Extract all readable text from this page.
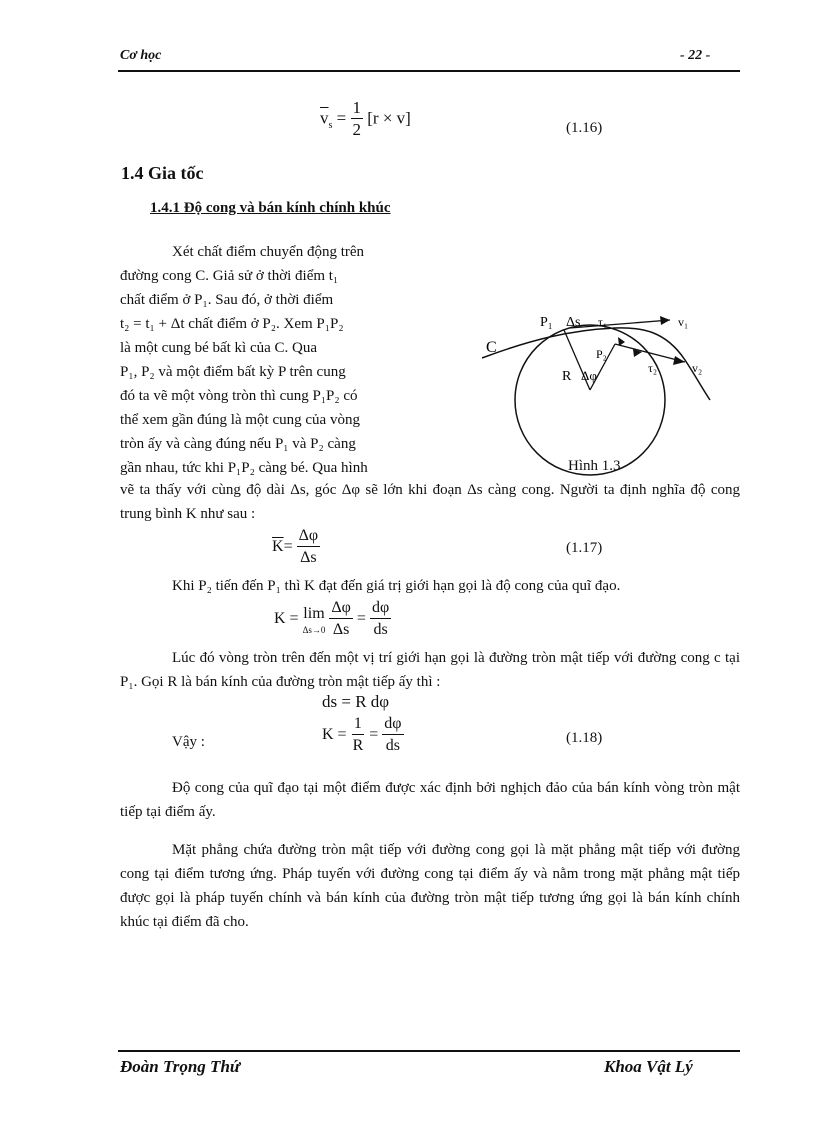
Cơ học	- 22 -
$\overline{v}_s = \frac{1}{2} [r \times v]$
(1.16)
1.4 Gia tốc
1.4.1 Độ cong và bán kính chính khúc
Xét chất điểm chuyển động trên
đường cong C. Giả sử ở thời điểm t₁
chất điểm ở P₁. Sau đó, ở thời điểm
t₂ = t₁ + Δt chất điểm ở P₂. Xem P₁P₂
là một cung bé bất kì của C. Qua
P₁, P₂ và một điểm bất kỳ P trên cung
đó ta vẽ một vòng tròn thì cung P₁P₂ có
thể xem gần đúng là một cung của vòng
tròn ấy và càng đúng nếu P₁ và P₂ càng
gần nhau, tức khi P₁P₂ càng bé. Qua hình
C
P₁ Δs τ₁	v₁
P₂
R Δφ	τ₂	v₂
Hình 1.3
vẽ ta thấy với cùng độ dài Δs, góc Δφ sẽ lớn khi đoạn Δs càng cong. Người ta định nghĩa độ cong trung bình K như sau :
$\overline{K}= \frac{\Delta\varphi}{\Delta s}$	(1.17)
Khi P₂ tiến đến P₁ thì K đạt đến giá trị giới hạn gọi là độ cong của quĩ đạo.
K = lim
Δs→0
$\frac{\Delta\varphi}{\Delta s} = \frac{d\varphi}{ds}$
Lúc đó vòng tròn trên đến một vị trí giới hạn gọi là đường tròn mật tiếp với đường cong c tại P₁. Gọi R là bán kính của đường tròn mật tiếp ấy thì :
ds = R dφ
Vậy :	$K = \frac{1}{R} = \frac{d\varphi}{ds}$	(1.18)
Độ cong của quĩ đạo tại một điểm được xác định bởi nghịch đảo của bán kính vòng tròn mật tiếp tại điểm ấy.
Mặt phẳng chứa đường tròn mật tiếp với đường cong gọi là mặt phẳng mật tiếp với đường cong tại điểm tương ứng. Pháp tuyến với đường cong tại điểm ấy và nằm trong mặt phẳng mật tiếp được gọi là pháp tuyến chính và bán kính của đường tròn mật tiếp tương ứng gọi là bán kính chính khúc tại điểm đã cho.
Đoàn Trọng Thứ	Khoa Vật Lý
